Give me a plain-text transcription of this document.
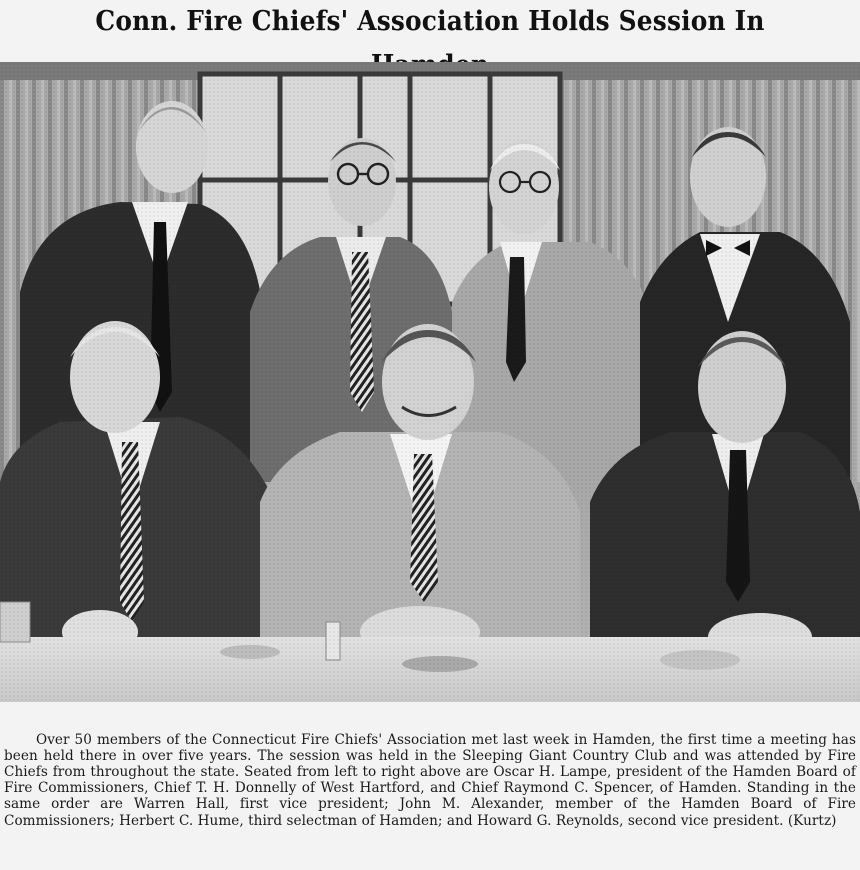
Conn. Fire Chiefs' Association Holds Session In

Over 50 members of the Connecticut Fire Chiefs' Association met last week in Hamden, the first time a meeting has been held there in over five years. The session was held in the Sleeping Giant Country Club and was attended by Fire Chiefs from throughout the state. Seated from left to right above are Oscar H. Lampe, president of the Hamden Board of Fire Commissioners, Chief T. H. Donnelly of West Hartford, and Chief Raymond C. Spencer, of Hamden. Standing in the same order are Warren Hall, first vice president; John M. Alexander, member of the Hamden Board of Fire Commissioners; Herbert C. Hume, third selectman of Hamden; and Howard G. Reynolds, second vice president. (Kurtz)
